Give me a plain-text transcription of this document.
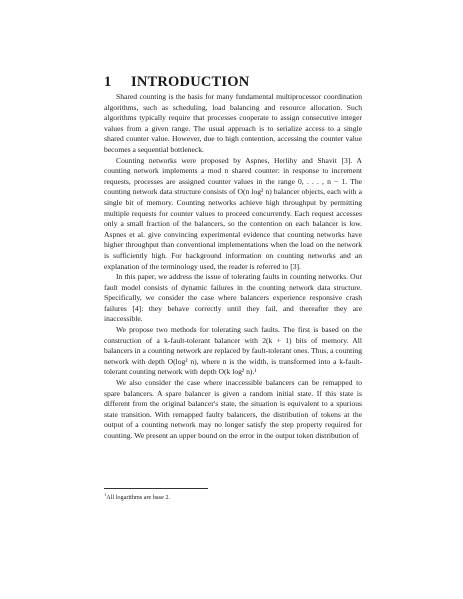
1 INTRODUCTION

Shared counting is the basis for many fundamental multiprocessor coordination algorithms, such as scheduling, load balancing and resource allocation. Such algorithms typically require that processes cooperate to assign consecutive integer values from a given range. The usual approach is to serialize access to a single shared counter value. However, due to high contention, accessing the counter value becomes a sequential bottleneck.

Counting networks were proposed by Aspnes, Herlihy and Shavit [3]. A counting network implements a mod n shared counter: in response to increment requests, processes are assigned counter values in the range 0, . . . , n − 1. The counting network data structure consists of O(n log² n) balancer objects, each with a single bit of memory. Counting networks achieve high throughput by permitting multiple requests for counter values to proceed concurrently. Each request accesses only a small fraction of the balancers, so the contention on each balancer is low. Aspnes et al. give convincing experimental evidence that counting networks have higher throughput than conventional implementations when the load on the network is sufficiently high. For background information on counting networks and an explanation of the terminology used, the reader is referred to [3].

In this paper, we address the issue of tolerating faults in counting networks. Our fault model consists of dynamic failures in the counting network data structure. Specifically, we consider the case where balancers experience responsive crash failures [4]: they behave correctly until they fail, and thereafter they are inaccessible.

We propose two methods for tolerating such faults. The first is based on the construction of a k-fault-tolerant balancer with 2(k + 1) bits of memory. All balancers in a counting network are replaced by fault-tolerant ones. Thus, a counting network with depth O(log² n), where n is the width, is transformed into a k-fault-tolerant counting network with depth O(k log² n).¹

We also consider the case where inaccessible balancers can be remapped to spare balancers. A spare balancer is given a random initial state. If this state is different from the original balancer's state, the situation is equivalent to a spurious state transition. With remapped faulty balancers, the distribution of tokens at the output of a counting network may no longer satisfy the step property required for counting. We present an upper bound on the error in the output token distribution of

$^1$All logarithms are base 2.
